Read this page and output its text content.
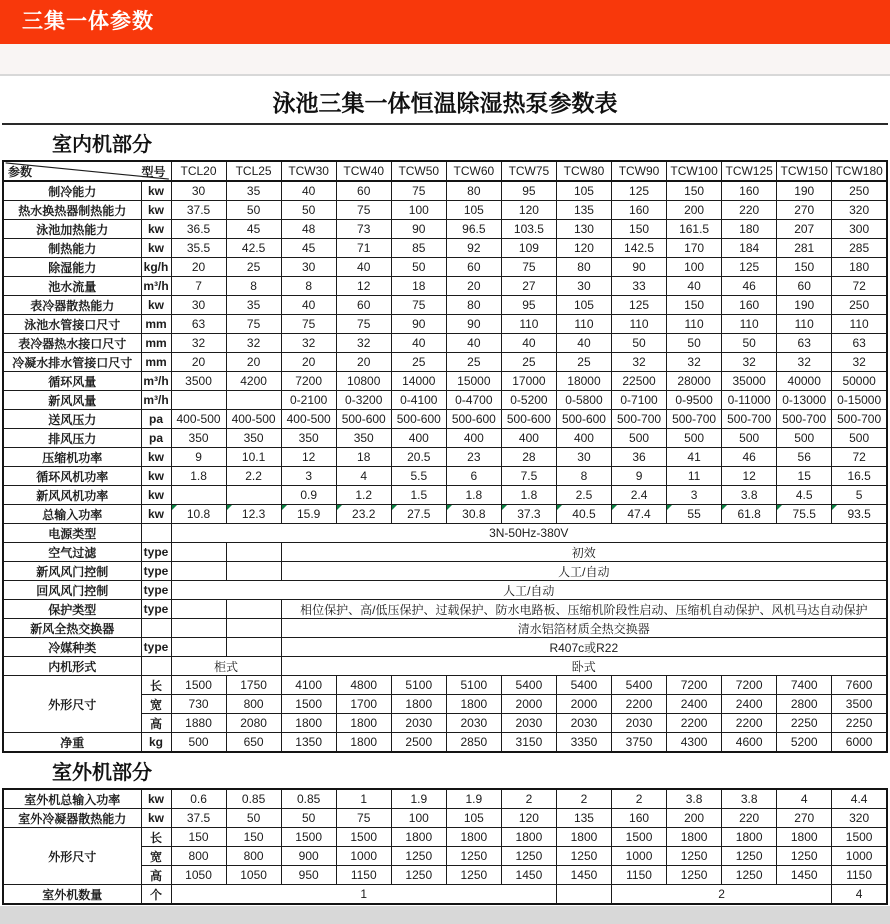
三集一体参数
泳池三集一体恒温除湿热泵参数表
室内机部分
参数 型号		TCL20	TCL25	TCW30	TCW40	TCW50	TCW60	TCW75	TCW80	TCW90	TCW100	TCW125	TCW150	TCW180
制冷能力	kw	30	35	40	60	75	80	95	105	125	150	160	190	250
热水换热器制热能力	kw	37.5	50	50	75	100	105	120	135	160	200	220	270	320
泳池加热能力	kw	36.5	45	48	73	90	96.5	103.5	130	150	161.5	180	207	300
制热能力	kw	35.5	42.5	45	71	85	92	109	120	142.5	170	184	281	285
除湿能力	kg/h	20	25	30	40	50	60	75	80	90	100	125	150	180
池水流量	m³/h	7	8	8	12	18	20	27	30	33	40	46	60	72
表冷器散热能力	kw	30	35	40	60	75	80	95	105	125	150	160	190	250
泳池水管接口尺寸	mm	63	75	75	75	90	90	110	110	110	110	110	110	110
表冷器热水接口尺寸	mm	32	32	32	32	40	40	40	40	50	50	50	63	63
冷凝水排水管接口尺寸	mm	20	20	20	20	25	25	25	25	32	32	32	32	32
循环风量	m³/h	3500	4200	7200	10800	14000	15000	17000	18000	22500	28000	35000	40000	50000
新风风量	m³/h			0-2100	0-3200	0-4100	0-4700	0-5200	0-5800	0-7100	0-9500	0-11000	0-13000	0-15000
送风压力	pa	400-500	400-500	400-500	500-600	500-600	500-600	500-600	500-600	500-700	500-700	500-700	500-700	500-700
排风压力	pa	350	350	350	350	400	400	400	400	500	500	500	500	500
压缩机功率	kw	9	10.1	12	18	20.5	23	28	30	36	41	46	56	72
循环风机功率	kw	1.8	2.2	3	4	5.5	6	7.5	8	9	11	12	15	16.5
新风风机功率	kw			0.9	1.2	1.5	1.8	1.8	2.5	2.4	3	3.8	4.5	5
总输入功率	kw	10.8	12.3	15.9	23.2	27.5	30.8	37.3	40.5	47.4	55	61.8	75.5	93.5

电源类型		3N-50Hz-380V												
空气过滤	type			初效										
新风风门控制	type			人工/自动										
回风风门控制	type	人工/自动												
保护类型	type			相位保护、高/低压保护、过载保护、防水电路板、压缩机阶段性启动、压缩机自动保护、风机马达自动保护										
新风全热交换器				清水铝箔材质全热交换器										
冷媒种类	type			R407c或R22										
内机形式		柜式		卧式										
外形尺寸	长	1500	1750	4100	4800	5100	5100	5400	5400	5400	7200	7200	7400	7600
	宽	730	800	1500	1700	1800	1800	2000	2000	2200	2400	2400	2800	3500
	高	1880	2080	1800	1800	2030	2030	2030	2030	2030	2200	2200	2250	2250
净重	kg	500	650	1350	1800	2500	2850	3150	3350	3750	4300	4600	5200	6000
室外机部分
室外机总输入功率	kw	0.6	0.85	0.85	1	1.9	1.9	2	2	2	3.8	3.8	4	4.4
室外冷凝器散热能力	kw	37.5	50	50	75	100	105	120	135	160	200	220	270	320
外形尺寸	长	150	150	1500	1500	1800	1800	1800	1800	1500	1800	1800	1800	1500
	宽	800	800	900	1000	1250	1250	1250	1250	1000	1250	1250	1250	1000
	高	1050	1050	950	1150	1250	1250	1450	1450	1150	1250	1250	1450	1150
室外机数量	个	1								2				4
